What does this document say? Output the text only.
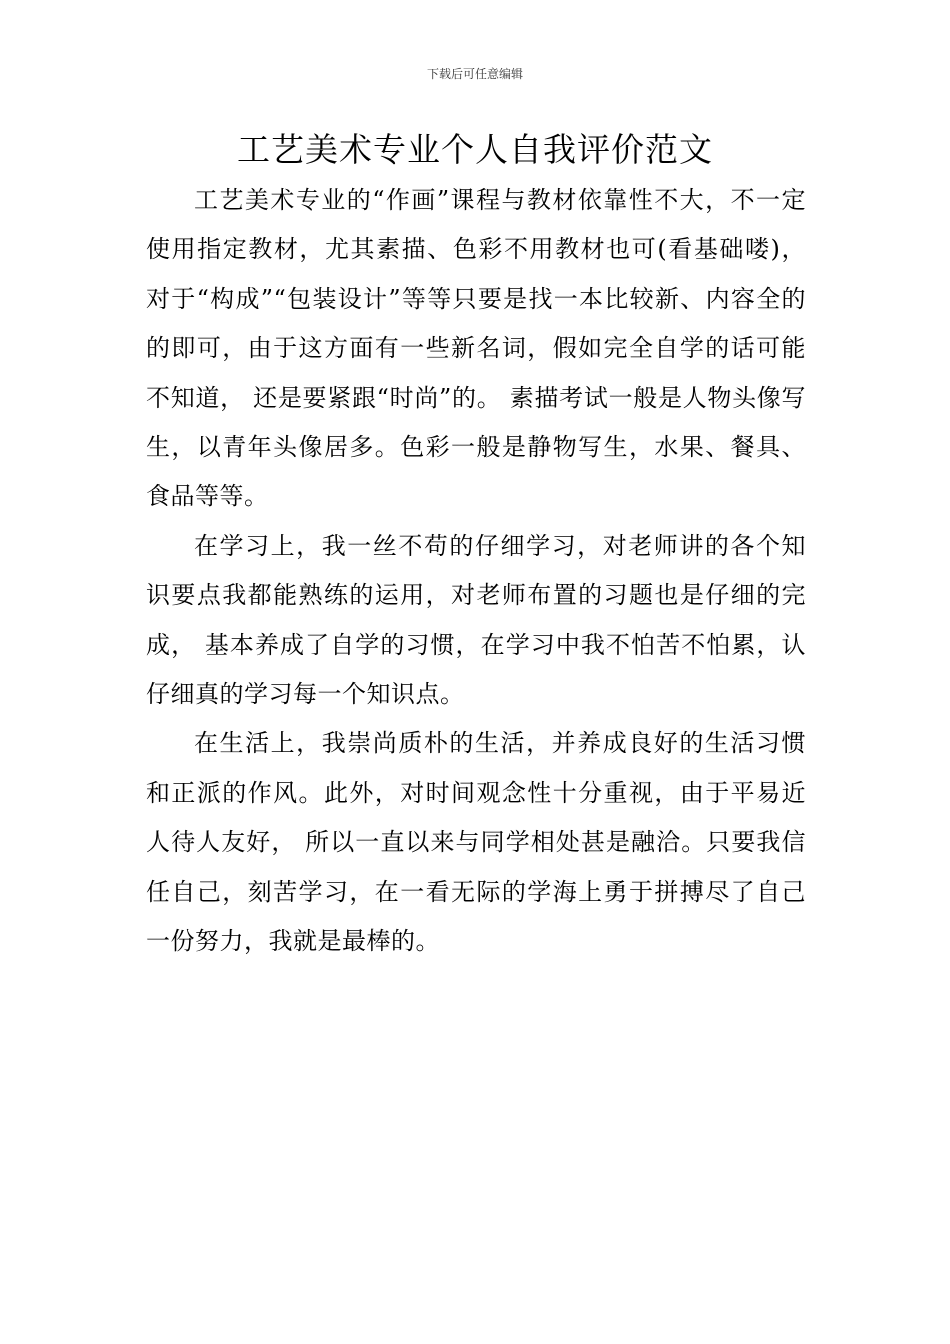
下载后可任意编辑
工艺美术专业个人自我评价范文

工艺美术专业的“作画”课程与教材依靠性不大，不一定使用指定教材，尤其素描、色彩不用教材也可(看基础喽)， 对于“构成”“包装设计”等等只要是找一本比较新、内容全的的即可，由于这方面有一些新名词，假如完全自学的话可能不知道， 还是要紧跟“时尚”的。 素描考试一般是人物头像写生，以青年头像居多。色彩一般是静物写生，水果、餐具、食品等等。

在学习上，我一丝不苟的仔细学习，对老师讲的各个知识要点我都能熟练的运用，对老师布置的习题也是仔细的完成， 基本养成了自学的习惯，在学习中我不怕苦不怕累，认仔细真的学习每一个知识点。

在生活上，我崇尚质朴的生活，并养成良好的生活习惯和正派的作风。此外，对时间观念性十分重视，由于平易近人待人友好， 所以一直以来与同学相处甚是融洽。只要我信任自己，刻苦学习，在一看无际的学海上勇于拼搏尽了自己一份努力，我就是最棒的。
